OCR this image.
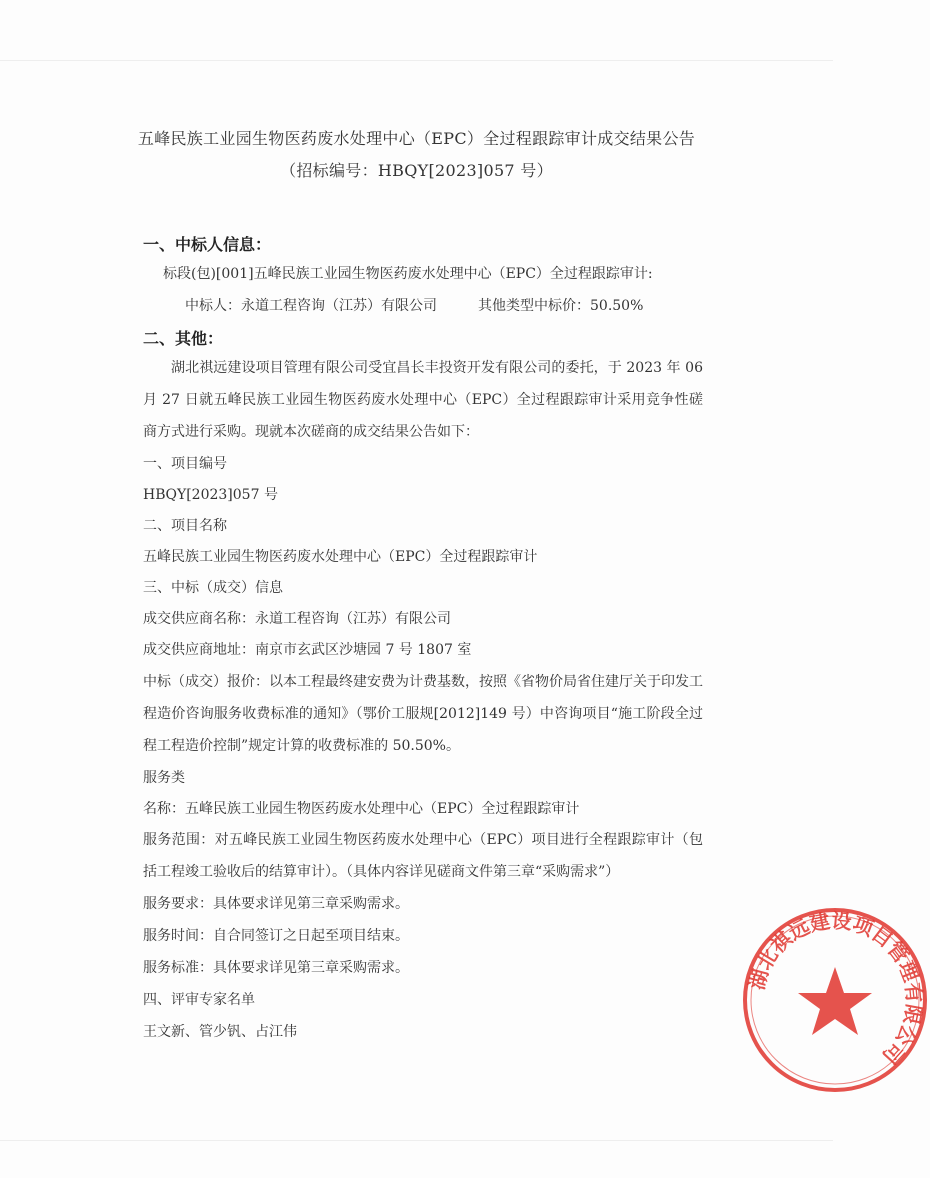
五峰民族工业园生物医药废水处理中心（EPC）全过程跟踪审计成交结果公告
（招标编号：HBQY[2023]057 号）
一、中标人信息：
标段(包)[001]五峰民族工业园生物医药废水处理中心（EPC）全过程跟踪审计:
中标人：永道工程咨询（江苏）有限公司	其他类型中标价：50.50%
二、其他：
湖北祺远建设项目管理有限公司受宜昌长丰投资开发有限公司的委托，于 2023 年 06 月 27 日就五峰民族工业园生物医药废水处理中心（EPC）全过程跟踪审计采用竞争性磋商方式进行采购。现就本次磋商的成交结果公告如下：
一、项目编号
HBQY[2023]057 号
二、项目名称
五峰民族工业园生物医药废水处理中心（EPC）全过程跟踪审计
三、中标（成交）信息
成交供应商名称：永道工程咨询（江苏）有限公司
成交供应商地址：南京市玄武区沙塘园 7 号 1807 室
中标（成交）报价：以本工程最终建安费为计费基数，按照《省物价局省住建厅关于印发工程造价咨询服务收费标准的通知》（鄂价工服规[2012]149 号）中咨询项目“施工阶段全过程工程造价控制”规定计算的收费标准的 50.50%。
服务类
名称：五峰民族工业园生物医药废水处理中心（EPC）全过程跟踪审计
服务范围：对五峰民族工业园生物医药废水处理中心（EPC）项目进行全程跟踪审计（包括工程竣工验收后的结算审计）。（具体内容详见磋商文件第三章“采购需求”）
服务要求：具体要求详见第三章采购需求。
服务时间：自合同签订之日起至项目结束。
服务标准：具体要求详见第三章采购需求。
四、评审专家名单
王文新、管少钒、占江伟
湖北祺远建设项目管理有限公司
